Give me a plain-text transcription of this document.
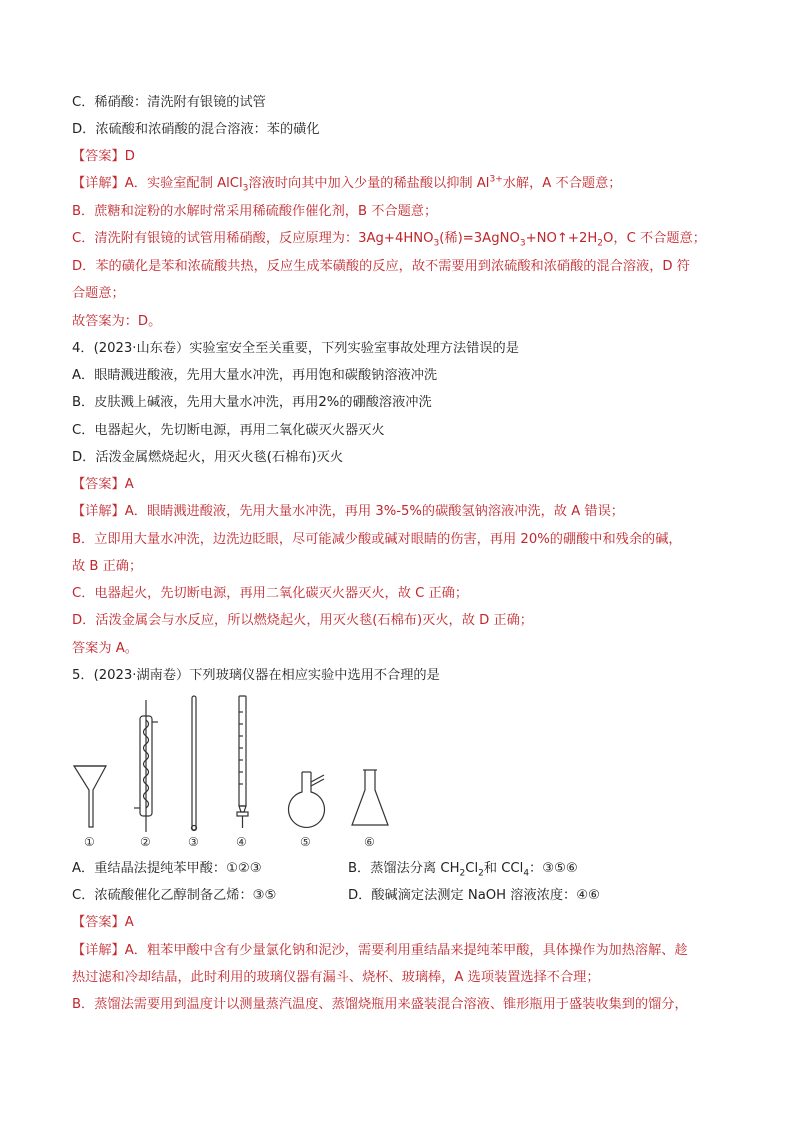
C．稀硝酸：清洗附有银镜的试管
D．浓硫酸和浓硝酸的混合溶液：苯的磺化
【答案】D
【详解】A．实验室配制 AlCl$_3$溶液时向其中加入少量的稀盐酸以抑制 $Al^{3+}$水解，A 不合题意；
B．蔗糖和淀粉的水解时常采用稀硫酸作催化剂，B 不合题意；
C．清洗附有银镜的试管用稀硝酸，反应原理为：$3Ag+4HNO_3$(稀)$=3AgNO_3+NO↑+2H_2O$，C 不合题意；
D．苯的磺化是苯和浓硫酸共热，反应生成苯磺酸的反应，故不需要用到浓硫酸和浓硝酸的混合溶液，D 符
合题意；
故答案为：D。
4．(2023·山东卷）实验室安全至关重要，下列实验室事故处理方法错误的是
A．眼睛溅进酸液，先用大量水冲洗，再用饱和碳酸钠溶液冲洗
B．皮肤溅上碱液，先用大量水冲洗，再用2%的硼酸溶液冲洗
C．电器起火，先切断电源，再用二氧化碳灭火器灭火
D．活泼金属燃烧起火，用灭火毯(石棉布)灭火
【答案】A
【详解】A．眼睛溅进酸液，先用大量水冲洗，再用 3%-5%的碳酸氢钠溶液冲洗，故 A 错误；
B．立即用大量水冲洗，边洗边眨眼，尽可能减少酸或碱对眼睛的伤害，再用 20%的硼酸中和残余的碱，
故 B 正确；
C．电器起火，先切断电源，再用二氧化碳灭火器灭火，故 C 正确；
D．活泼金属会与水反应，所以燃烧起火，用灭火毯(石棉布)灭火，故 D 正确；
答案为 A。
5．(2023·湖南卷）下列玻璃仪器在相应实验中选用不合理的是
①	②	③	④	⑤	⑥
A．重结晶法提纯苯甲酸：①②③	B．蒸馏法分离 $CH_2Cl_2$和 CCl$_4$：③⑤⑥
C．浓硫酸催化乙醇制备乙烯：③⑤	D．酸碱滴定法测定 NaOH 溶液浓度：④⑥
【答案】A
【详解】A．粗苯甲酸中含有少量氯化钠和泥沙，需要利用重结晶来提纯苯甲酸，具体操作为加热溶解、趁
热过滤和冷却结晶，此时利用的玻璃仪器有漏斗、烧杯、玻璃棒，A 选项装置选择不合理；
B．蒸馏法需要用到温度计以测量蒸汽温度、蒸馏烧瓶用来盛装混合溶液、锥形瓶用于盛装收集到的馏分，
